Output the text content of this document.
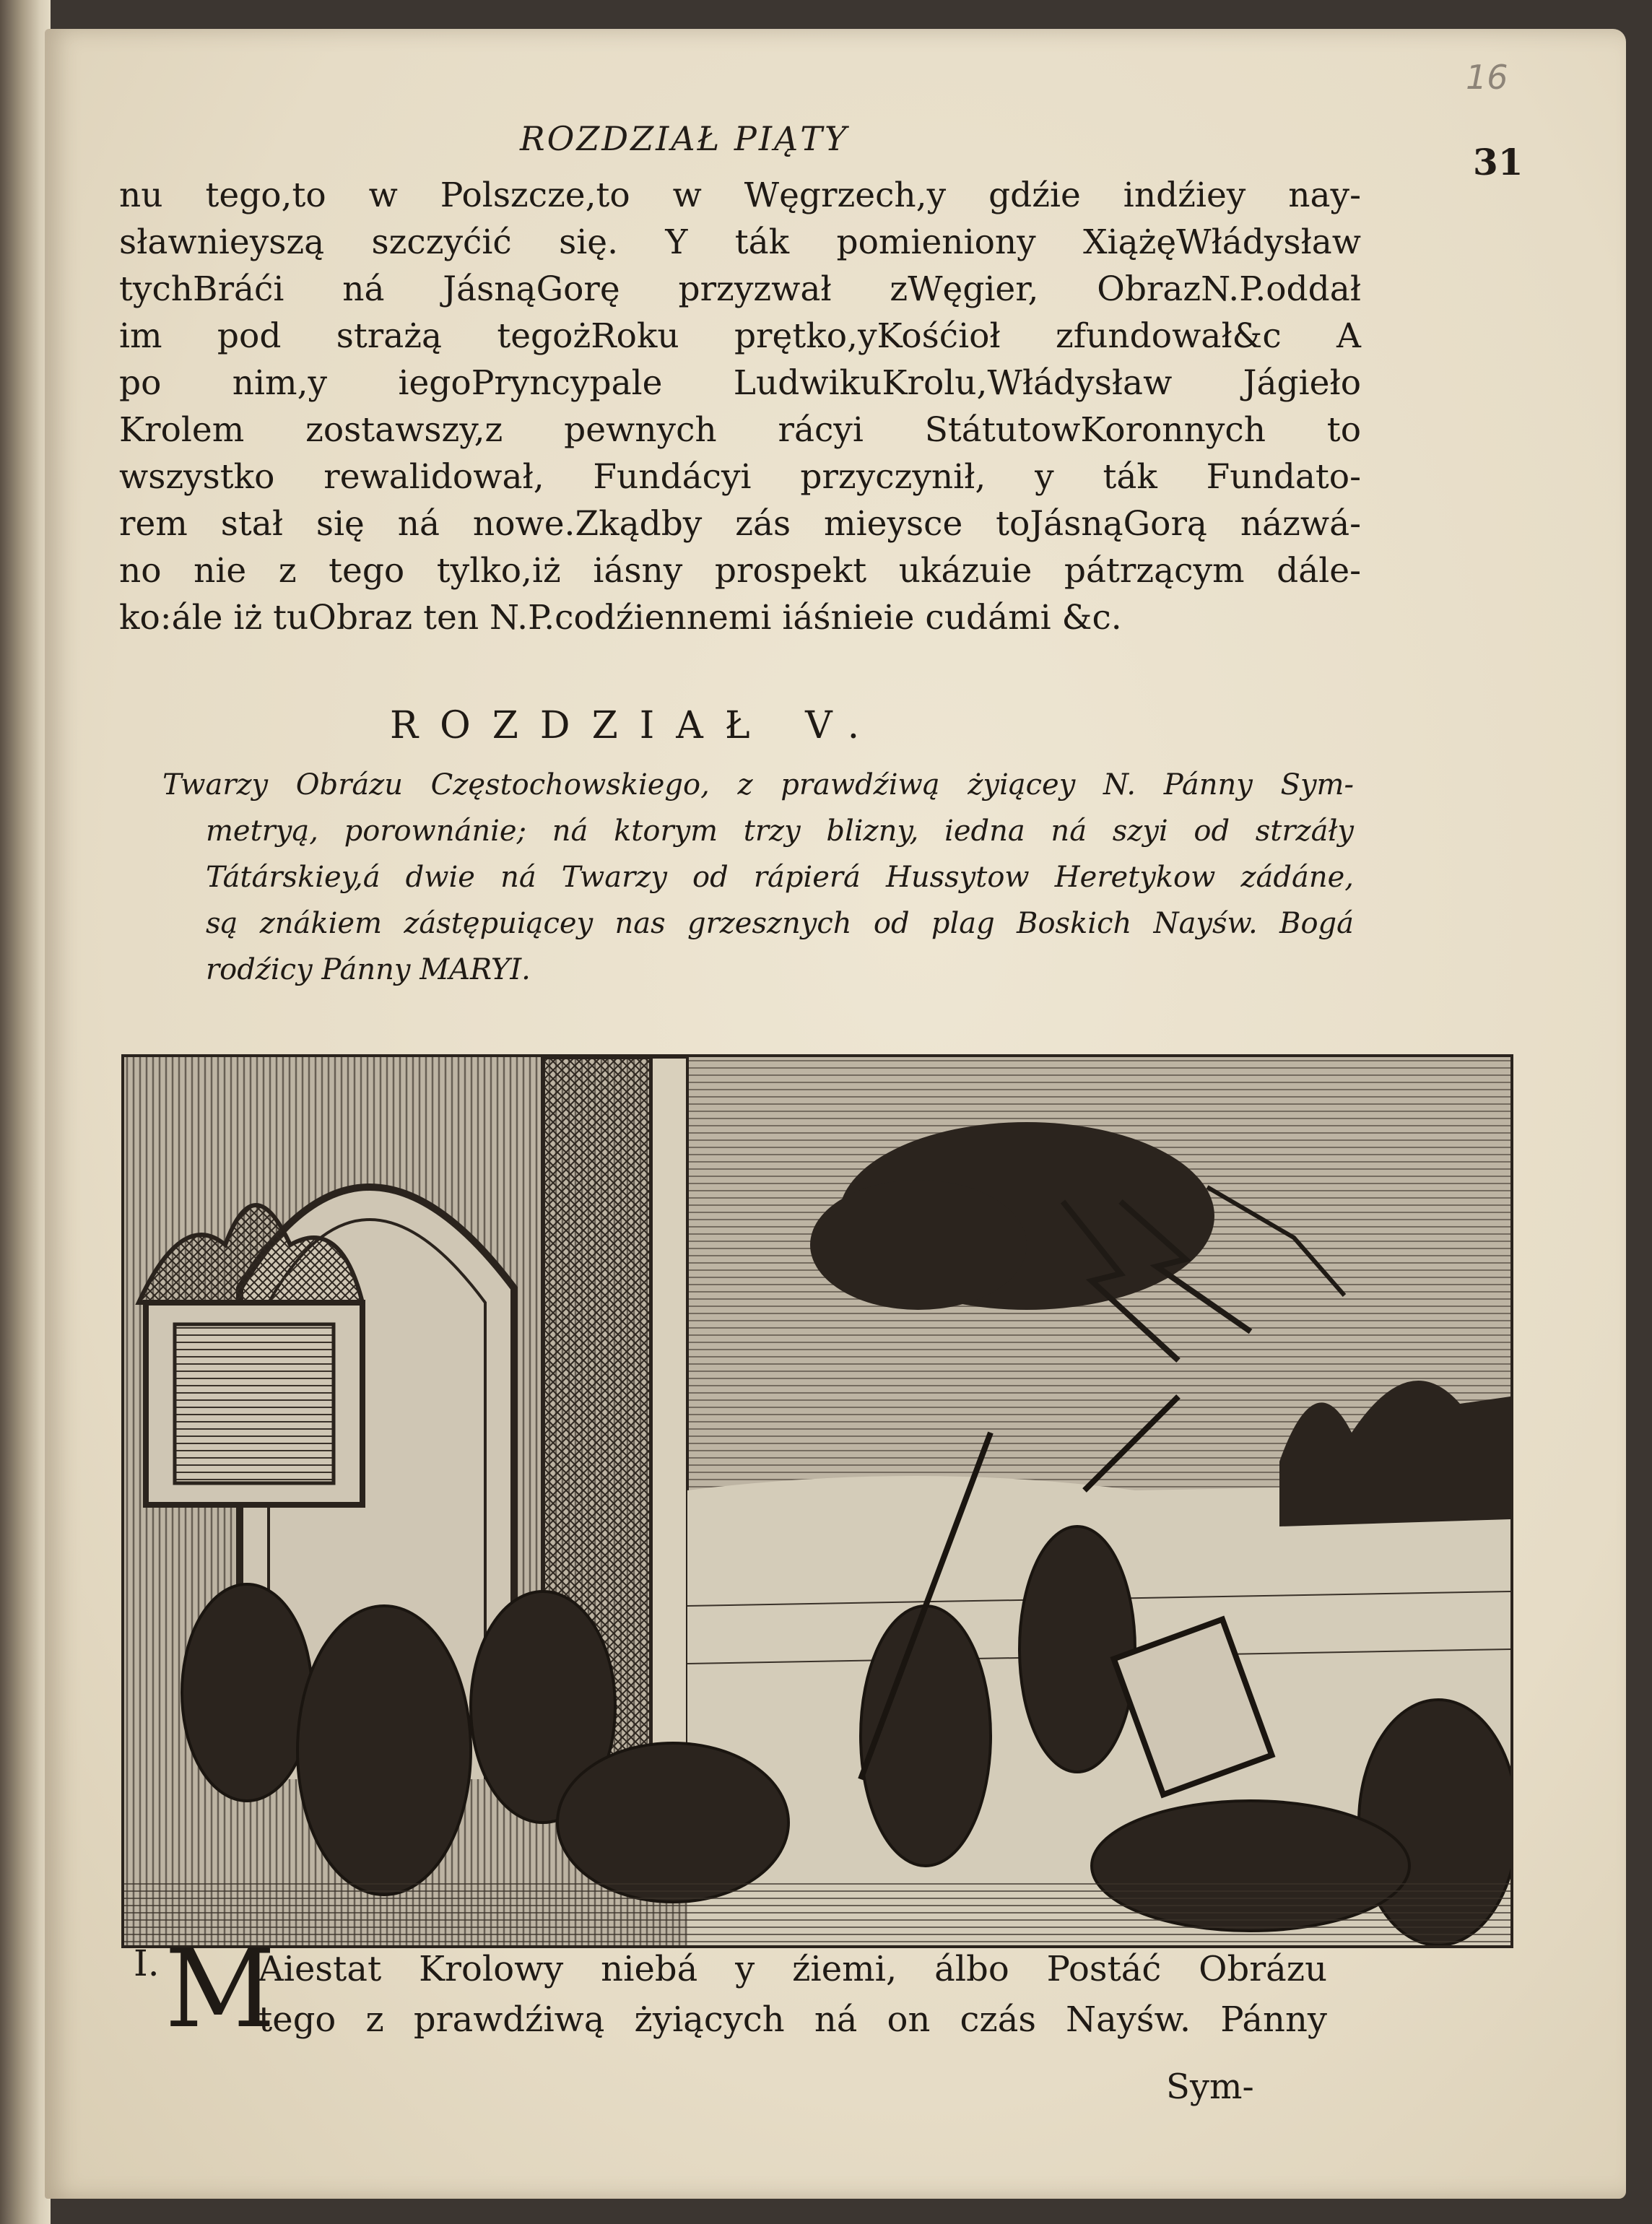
16
31
ROZDZIAŁ PIĄTY
nu tego,to w Polszcze,to w Węgrzech,y gdźie indźiey nay-
sławnieyszą szczyćić się. Y ták pomieniony XiążęWłádysław
tychBráći ná JásnąGorę przyzwał zWęgier, ObrazN.P.oddał
im pod strażą tegożRoku prętko,yKośćioł zfundował&c A
po nim,y iegoPryncypale LudwikuKrolu,Włádysław Jágieło
Krolem zostawszy,z pewnych rácyi StátutowKoronnych to
wszystko rewalidował, Fundácyi przyczynił, y ták Fundato-
rem stał się ná nowe.Zkądby zás mieysce toJásnąGorą názwá-
no nie z tego tylko,iż iásny prospekt ukázuie pátrzącym dále-
ko:ále iż tuObraz ten N.P.codźiennemi iáśnieie cudámi &c.
ROZDZIAŁ V.
Twarzy Obrázu Częstochowskiego, z prawdźiwą żyiącey N. Pánny Sym-
metryą, porownánie; ná ktorym trzy blizny, iedna ná szyi od strzáły
Tátárskiey,á dwie ná Twarzy od rápierá Hussytow Heretykow zádáne,
są znákiem zástępuiącey nas grzesznych od plag Boskich Nayśw. Bogá
rodźicy Pánny MARYI.
I. M
Aiestat Krolowy niebá y źiemi, álbo Postáć Obrázu
tego z prawdźiwą żyiących ná on czás Nayśw. Pánny
Sym-
